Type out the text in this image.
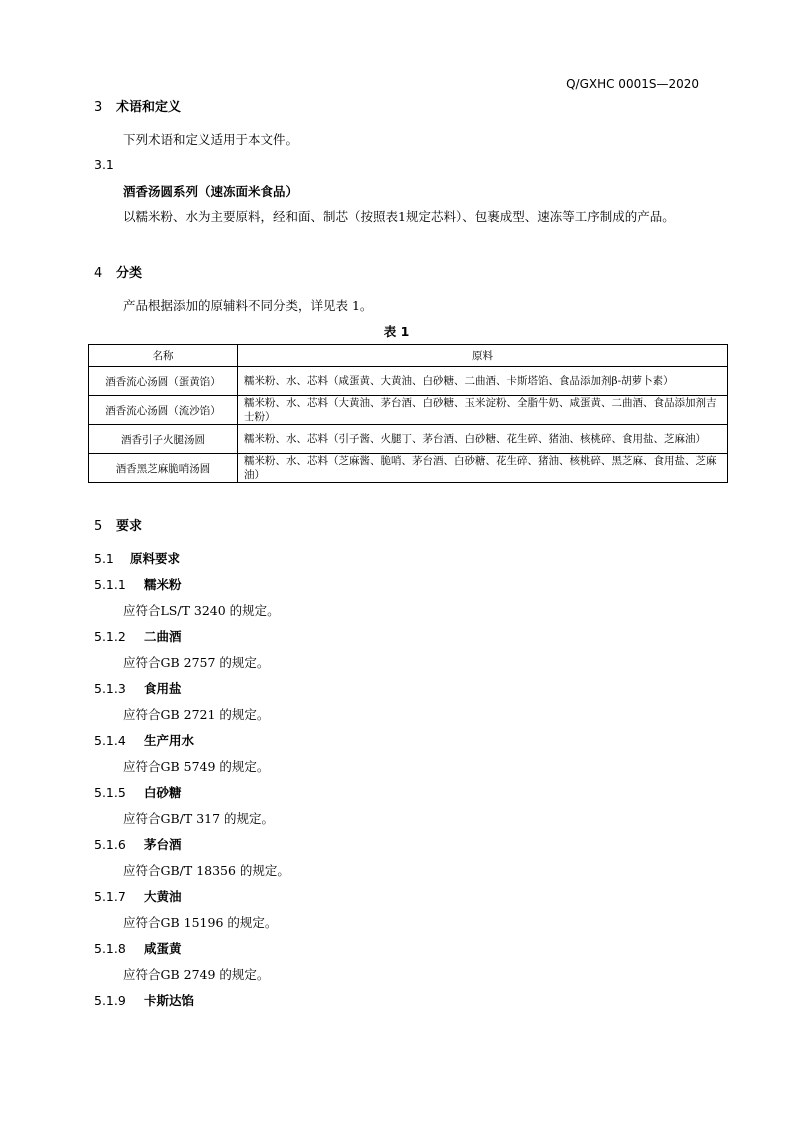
Q/GXHC 0001S—2020
3 术语和定义
下列术语和定义适用于本文件。
3.1
酒香汤圆系列（速冻面米食品）
以糯米粉、水为主要原料，经和面、制芯（按照表1规定芯料）、包裹成型、速冻等工序制成的产品。
4 分类
产品根据添加的原辅料不同分类，详见表 1。
表 1
名称	原料
酒香流心汤圆（蛋黄馅）	糯米粉、水、芯料（咸蛋黄、大黄油、白砂糖、二曲酒、卡斯塔馅、食品添加剂β-胡萝卜素）
酒香流心汤圆（流沙馅）	糯米粉、水、芯料（大黄油、茅台酒、白砂糖、玉米淀粉、全脂牛奶、咸蛋黄、二曲酒、食品添加剂吉士粉）
酒香引子火腿汤圆	糯米粉、水、芯料（引子酱、火腿丁、茅台酒、白砂糖、花生碎、猪油、核桃碎、食用盐、芝麻油）
酒香黑芝麻脆哨汤圆	糯米粉、水、芯料（芝麻酱、脆哨、茅台酒、白砂糖、花生碎、猪油、核桃碎、黑芝麻、食用盐、芝麻油）
5 要求
5.1 原料要求
5.1.1 糯米粉
应符合LS/T 3240 的规定。
5.1.2 二曲酒
应符合GB 2757 的规定。
5.1.3 食用盐
应符合GB 2721 的规定。
5.1.4 生产用水
应符合GB 5749 的规定。
5.1.5 白砂糖
应符合GB/T 317 的规定。
5.1.6 茅台酒
应符合GB/T 18356 的规定。
5.1.7 大黄油
应符合GB 15196 的规定。
5.1.8 咸蛋黄
应符合GB 2749 的规定。
5.1.9 卡斯达馅
